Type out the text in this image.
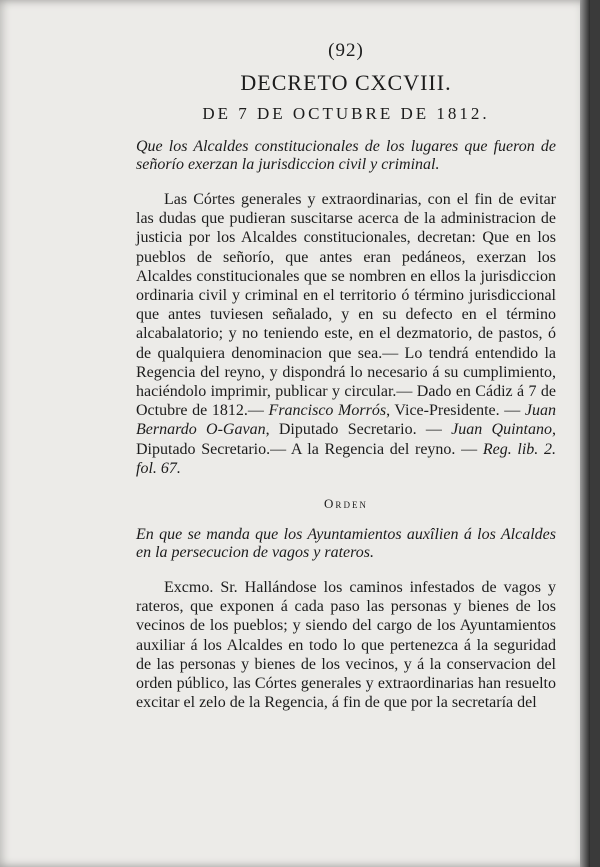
(92)

DECRETO CXCVIII.

DE 7 DE OCTUBRE DE 1812.

Que los Alcaldes constitucionales de los lugares que fueron de señorío exerzan la jurisdiccion civil y criminal.

Las Córtes generales y extraordinarias, con el fin de evitar las dudas que pudieran suscitarse acerca de la administracion de justicia por los Alcaldes constitucionales, decretan: Que en los pueblos de señorío, que antes eran pedáneos, exerzan los Alcaldes constitucionales que se nombren en ellos la jurisdiccion ordinaria civil y criminal en el territorio ó término jurisdiccional que antes tuviesen señalado, y en su defecto en el término alcabalatorio; y no teniendo este, en el dezmatorio, de pastos, ó de qualquiera denominacion que sea.— Lo tendrá entendido la Regencia del reyno, y dispondrá lo necesario á su cumplimiento, haciéndolo imprimir, publicar y circular.— Dado en Cádiz á 7 de Octubre de 1812.— Francisco Morrós, Vice-Presidente. — Juan Bernardo O-Gavan, Diputado Secretario. — Juan Quintano, Diputado Secretario.— A la Regencia del reyno. — Reg. lib. 2. fol. 67.

Orden

En que se manda que los Ayuntamientos auxîlien á los Alcaldes en la persecucion de vagos y rateros.

Excmo. Sr. Hallándose los caminos infestados de vagos y rateros, que exponen á cada paso las personas y bienes de los vecinos de los pueblos; y siendo del cargo de los Ayuntamientos auxiliar á los Alcaldes en todo lo que pertenezca á la seguridad de las personas y bienes de los vecinos, y á la conservacion del orden público, las Córtes generales y extraordinarias han resuelto excitar el zelo de la Regencia, á fin de que por la secretaría del
